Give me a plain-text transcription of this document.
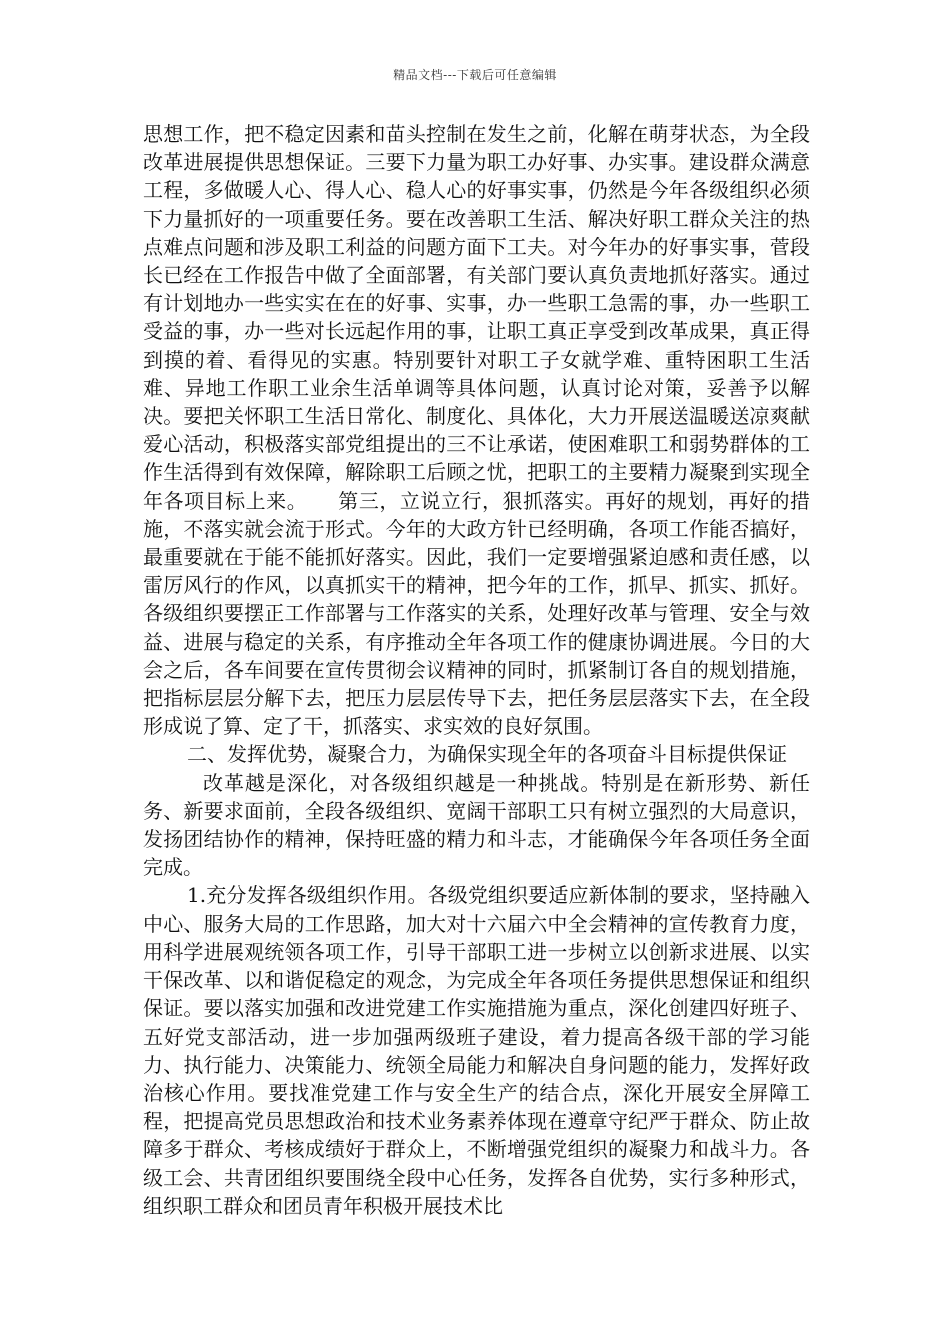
精品文档---下载后可任意编辑

思想工作，把不稳定因素和苗头控制在发生之前，化解在萌芽状态，为全段改革进展提供思想保证。三要下力量为职工办好事、办实事。建设群众满意工程，多做暖人心、得人心、稳人心的好事实事，仍然是今年各级组织必须下力量抓好的一项重要任务。要在改善职工生活、解决好职工群众关注的热点难点问题和涉及职工利益的问题方面下工夫。对今年办的好事实事，菅段长已经在工作报告中做了全面部署，有关部门要认真负责地抓好落实。通过有计划地办一些实实在在的好事、实事，办一些职工急需的事，办一些职工受益的事，办一些对长远起作用的事，让职工真正享受到改革成果，真正得到摸的着、看得见的实惠。特别要针对职工子女就学难、重特困职工生活难、异地工作职工业余生活单调等具体问题，认真讨论对策，妥善予以解决。要把关怀职工生活日常化、制度化、具体化，大力开展送温暖送凉爽献爱心活动，积极落实部党组提出的三不让承诺，使困难职工和弱势群体的工作生活得到有效保障，解除职工后顾之忧，把职工的主要精力凝聚到实现全年各项目标上来。　　第三，立说立行，狠抓落实。再好的规划，再好的措施，不落实就会流于形式。今年的大政方针已经明确，各项工作能否搞好，最重要就在于能不能抓好落实。因此，我们一定要增强紧迫感和责任感，以雷厉风行的作风，以真抓实干的精神，把今年的工作，抓早、抓实、抓好。各级组织要摆正工作部署与工作落实的关系，处理好改革与管理、安全与效益、进展与稳定的关系，有序推动全年各项工作的健康协调进展。今日的大会之后，各车间要在宣传贯彻会议精神的同时，抓紧制订各自的规划措施，把指标层层分解下去，把压力层层传导下去，把任务层层落实下去，在全段形成说了算、定了干，抓落实、求实效的良好氛围。

二、发挥优势，凝聚合力，为确保实现全年的各项奋斗目标提供保证

改革越是深化，对各级组织越是一种挑战。特别是在新形势、新任务、新要求面前，全段各级组织、宽阔干部职工只有树立强烈的大局意识，发扬团结协作的精神，保持旺盛的精力和斗志，才能确保今年各项任务全面完成。

1.充分发挥各级组织作用。各级党组织要适应新体制的要求，坚持融入中心、服务大局的工作思路，加大对十六届六中全会精神的宣传教育力度，用科学进展观统领各项工作，引导干部职工进一步树立以创新求进展、以实干保改革、以和谐促稳定的观念，为完成全年各项任务提供思想保证和组织保证。要以落实加强和改进党建工作实施措施为重点，深化创建四好班子、五好党支部活动，进一步加强两级班子建设，着力提高各级干部的学习能力、执行能力、决策能力、统领全局能力和解决自身问题的能力，发挥好政治核心作用。要找准党建工作与安全生产的结合点，深化开展安全屏障工程，把提高党员思想政治和技术业务素养体现在遵章守纪严于群众、防止故障多于群众、考核成绩好于群众上，不断增强党组织的凝聚力和战斗力。各级工会、共青团组织要围绕全段中心任务，发挥各自优势，实行多种形式，组织职工群众和团员青年积极开展技术比
